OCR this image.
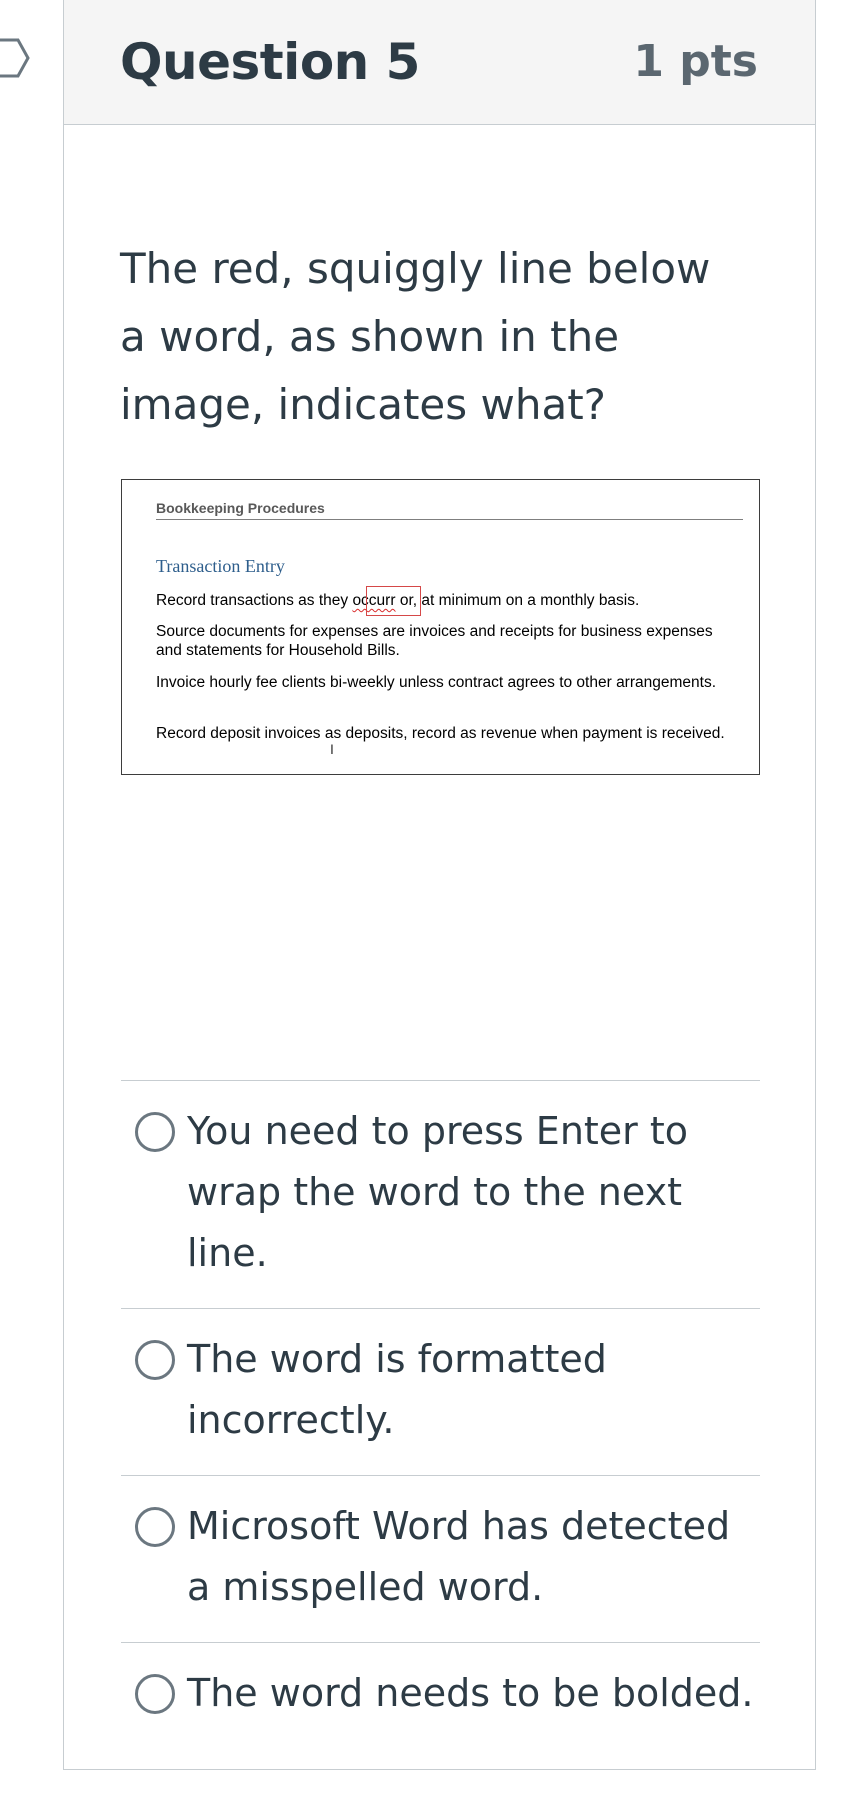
Question 5	1 pts
The red, squiggly line below a word, as shown in the image, indicates what?
Bookkeeping Procedures
Transaction Entry
Record transactions as they occurr or, at minimum on a monthly basis.
Source documents for expenses are invoices and receipts for business expenses and statements for Household Bills.
Invoice hourly fee clients bi-weekly unless contract agrees to other arrangements.
Record deposit invoices as deposits, record as revenue when payment is received.
I
You need to press Enter to wrap the word to the next line.
The word is formatted incorrectly.
Microsoft Word has detected a misspelled word.
The word needs to be bolded.
